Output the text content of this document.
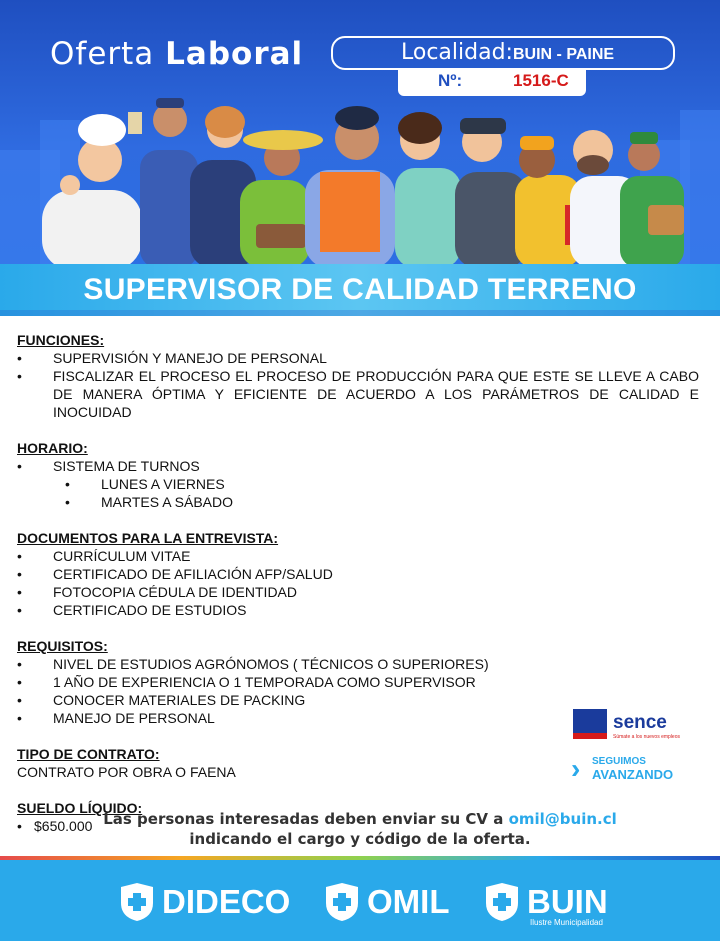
Oferta Laboral	Localidad: BUIN - PAINE
Nº:	1516-C
SUPERVISOR DE CALIDAD TERRENO
FUNCIONES:
• SUPERVISIÓN Y MANEJO DE PERSONAL
• FISCALIZAR EL PROCESO EL PROCESO DE PRODUCCIÓN PARA QUE ESTE SE LLEVE A CABO DE MANERA ÓPTIMA Y EFICIENTE DE ACUERDO A LOS PARÁMETROS DE CALIDAD E INOCUIDAD
HORARIO:
• SISTEMA DE TURNOS
• LUNES A VIERNES
• MARTES A SÁBADO
DOCUMENTOS PARA LA ENTREVISTA:
• CURRÍCULUM VITAE
• CERTIFICADO DE AFILIACIÓN AFP/SALUD
• FOTOCOPIA CÉDULA DE IDENTIDAD
• CERTIFICADO DE ESTUDIOS
REQUISITOS:
• NIVEL DE ESTUDIOS AGRÓNOMOS ( TÉCNICOS O SUPERIORES)
• 1 AÑO DE EXPERIENCIA O 1 TEMPORADA COMO SUPERVISOR
• CONOCER MATERIALES DE PACKING
• MANEJO DE PERSONAL
TIPO DE CONTRATO:
CONTRATO POR OBRA O FAENA
SUELDO LÍQUIDO:
• $650.000
sence
Súmate a los nuevos empleos
› SEGUIMOS
AVANZANDO
Las personas interesadas deben enviar su CV a omil@buin.cl
indicando el cargo y código de la oferta.
DIDECO OMIL BUIN
Ilustre Municipalidad
